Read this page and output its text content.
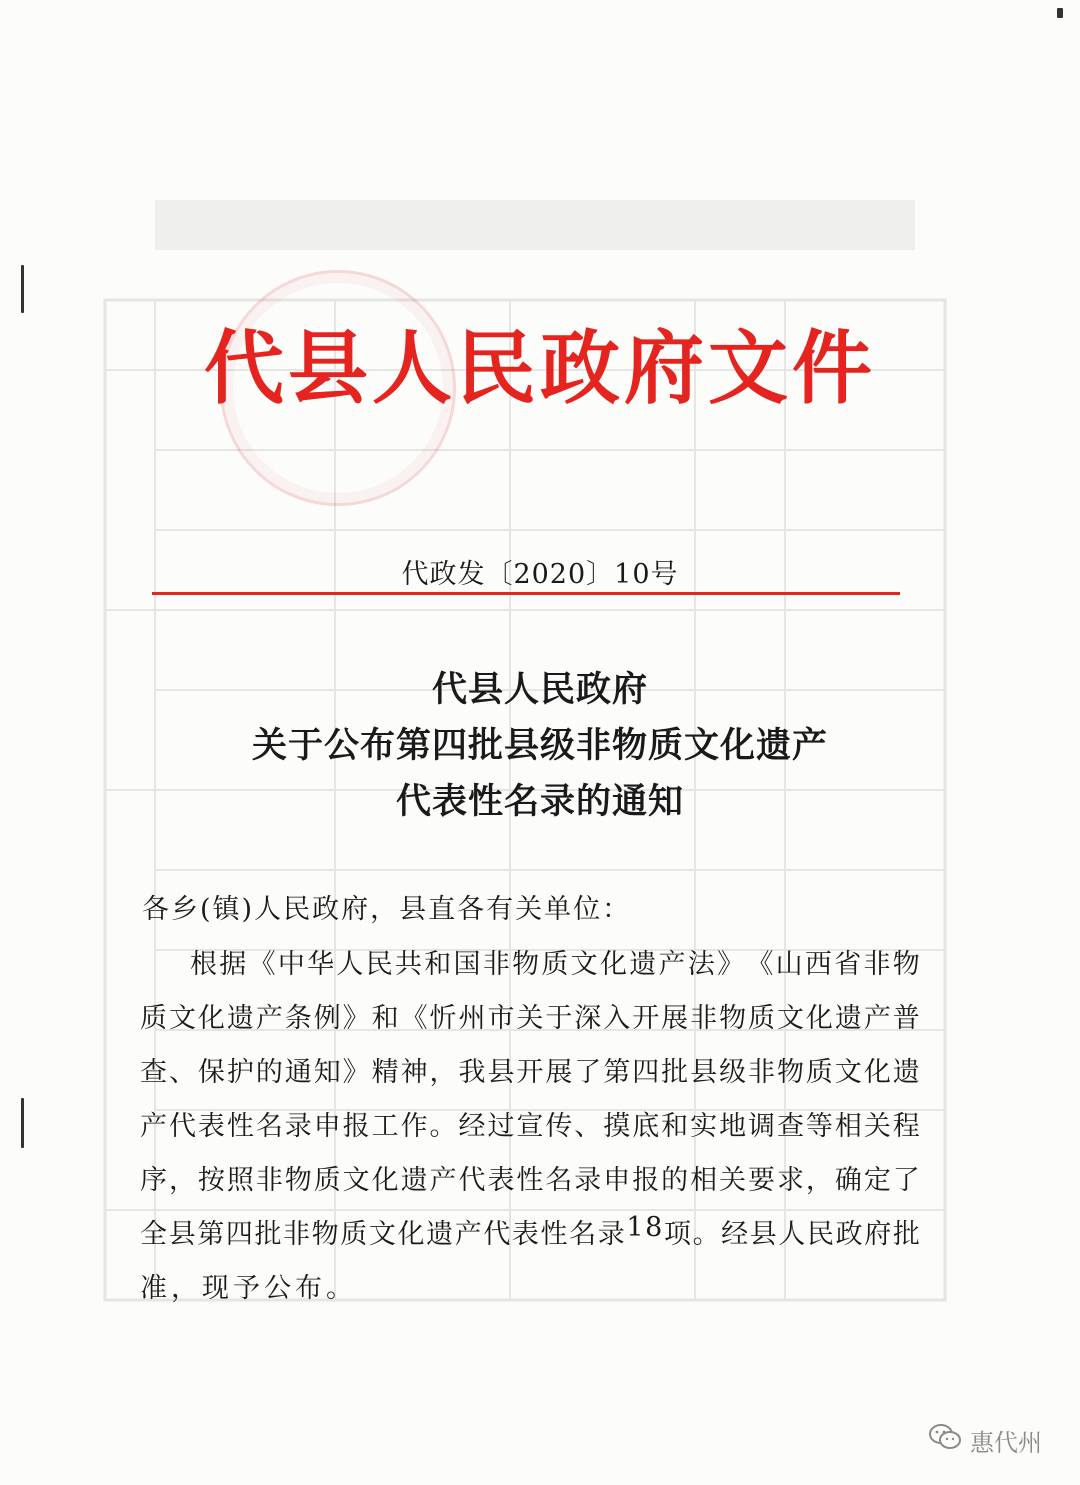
代县人民政府文件
代政发〔2020〕10号
代县人民政府
关于公布第四批县级非物质文化遗产
代表性名录的通知
各乡(镇)人民政府，县直各有关单位：
根 据 《 中 华 人 民 共 和 国 非 物 质 文 化 遗 产 法 》 《 山 西 省 非 物
质 文 化 遗 产 条 例 》 和 《 忻 州 市 关 于 深 入 开 展 非 物 质 文 化 遗 产 普
查 、 保 护 的 通 知 》 精 神 ， 我 县 开 展 了 第 四 批 县 级 非 物 质 文 化 遗
产 代 表 性 名 录 申 报 工 作 。 经 过 宣 传 、 摸 底 和 实 地 调 查 等 相 关 程
序 ， 按 照 非 物 质 文 化 遗 产 代 表 性 名 录 申 报 的 相 关 要 求 ， 确 定 了
全 县 第 四 批 非 物 质 文 化 遗 产 代 表 性 名 录 1 8 项 。 经 县 人 民 政 府 批
准，现予公布。
惠代州
